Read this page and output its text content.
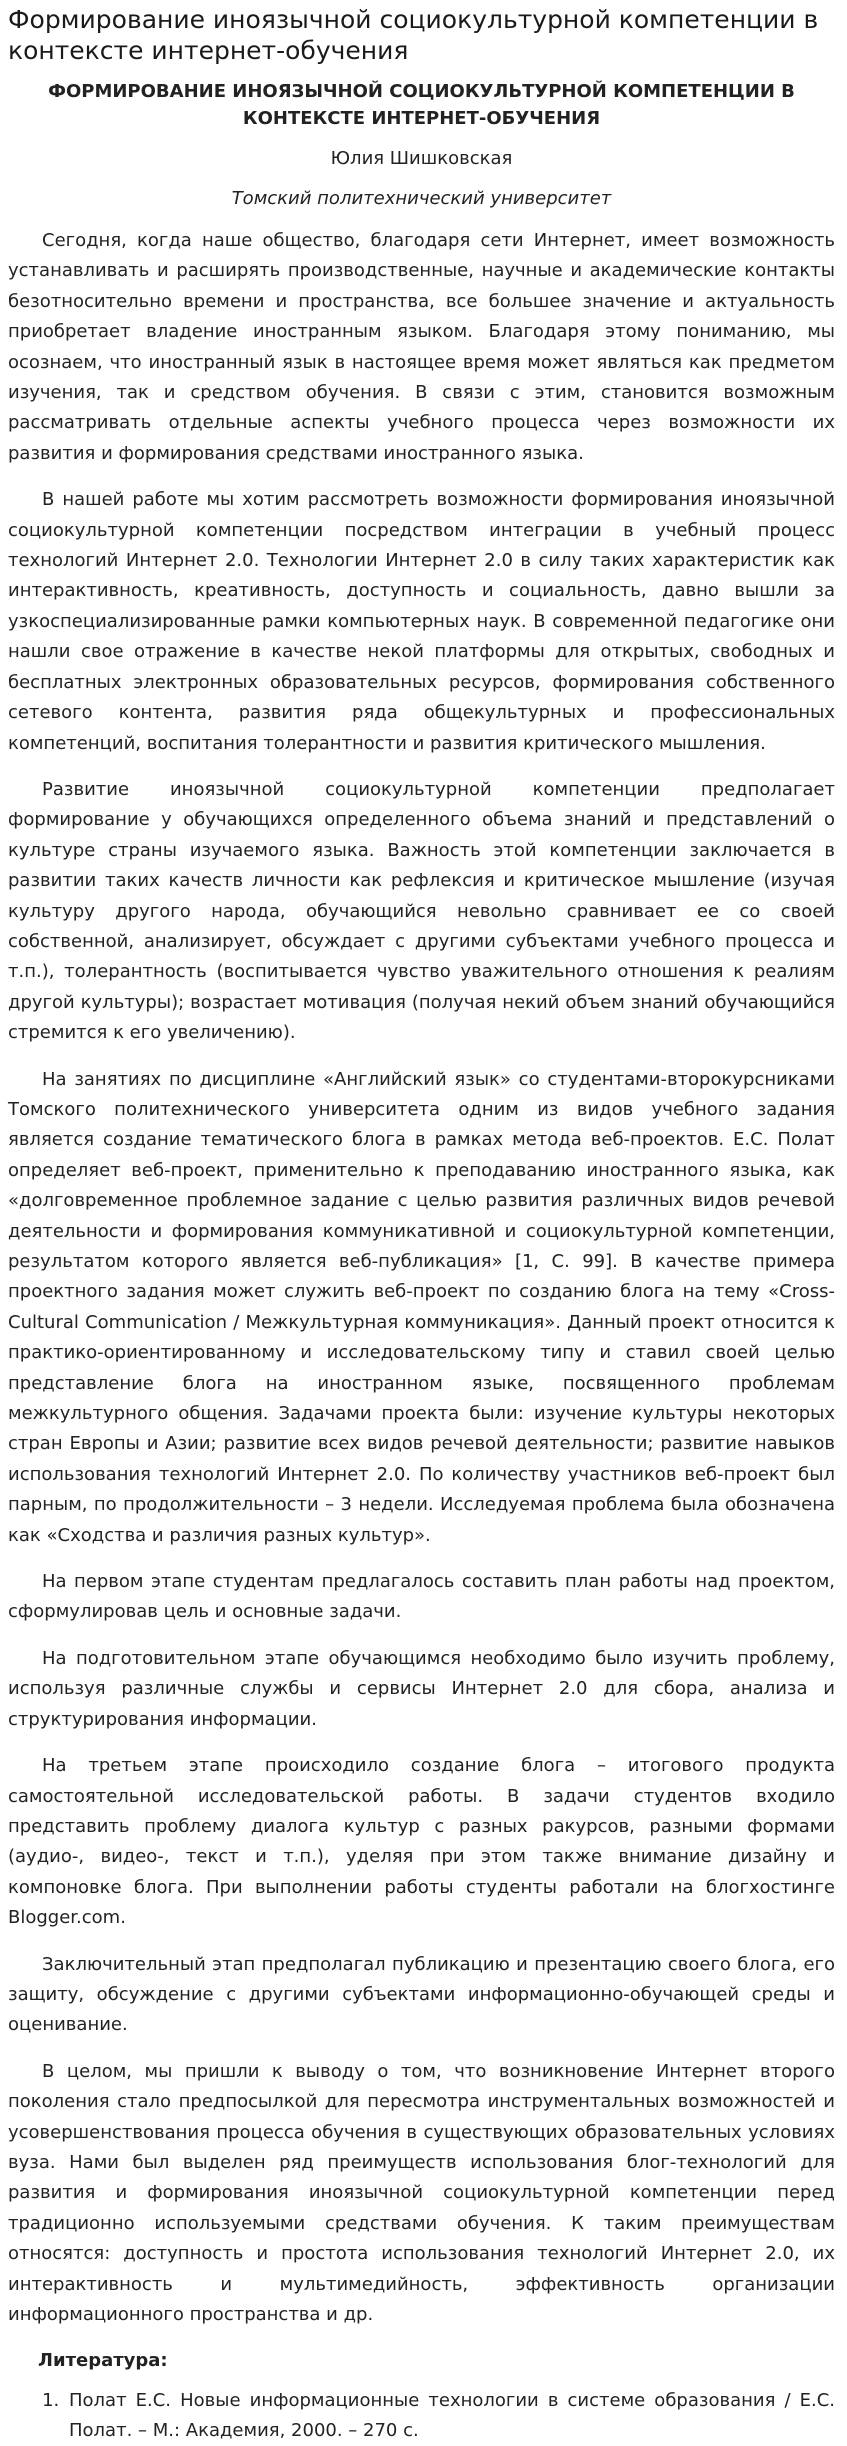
Формирование иноязычной социокультурной компетенции в контексте интернет-обучения
ФОРМИРОВАНИЕ ИНОЯЗЫЧНОЙ СОЦИОКУЛЬТУРНОЙ КОМПЕТЕНЦИИ В КОНТЕКСТЕ ИНТЕРНЕТ-ОБУЧЕНИЯ
Юлия Шишковская
Томский политехнический университет

Сегодня, когда наше общество, благодаря сети Интернет, имеет возможность устанавливать и расширять производственные, научные и академические контакты безотносительно времени и пространства, все большее значение и актуальность приобретает владение иностранным языком. Благодаря этому пониманию, мы осознаем, что иностранный язык в настоящее время может являться как предметом изучения, так и средством обучения. В связи с этим, становится возможным рассматривать отдельные аспекты учебного процесса через возможности их развития и формирования средствами иностранного языка.

В нашей работе мы хотим рассмотреть возможности формирования иноязычной социокультурной компетенции посредством интеграции в учебный процесс технологий Интернет 2.0. Технологии Интернет 2.0 в силу таких характеристик как интерактивность, креативность, доступность и социальность, давно вышли за узкоспециализированные рамки компьютерных наук. В современной педагогике они нашли свое отражение в качестве некой платформы для открытых, свободных и бесплатных электронных образовательных ресурсов, формирования собственного сетевого контента, развития ряда общекультурных и профессиональных компетенций, воспитания толерантности и развития критического мышления.

Развитие иноязычной социокультурной компетенции предполагает формирование у обучающихся определенного объема знаний и представлений о культуре страны изучаемого языка. Важность этой компетенции заключается в развитии таких качеств личности как рефлексия и критическое мышление (изучая культуру другого народа, обучающийся невольно сравнивает ее со своей собственной, анализирует, обсуждает с другими субъектами учебного процесса и т.п.), толерантность (воспитывается чувство уважительного отношения к реалиям другой культуры); возрастает мотивация (получая некий объем знаний обучающийся стремится к его увеличению).

На занятиях по дисциплине «Английский язык» со студентами-второкурсниками Томского политехнического университета одним из видов учебного задания является создание тематического блога в рамках метода веб-проектов. Е.С. Полат определяет веб-проект, применительно к преподаванию иностранного языка, как «долговременное проблемное задание с целью развития различных видов речевой деятельности и формирования коммуникативной и социокультурной компетенции, результатом которого является веб-публикация» [1, С. 99]. В качестве примера проектного задания может служить веб-проект по созданию блога на тему «Cross-Cultural Communication / Межкультурная коммуникация». Данный проект относится к практико-ориентированному и исследовательскому типу и ставил своей целью представление блога на иностранном языке, посвященного проблемам межкультурного общения. Задачами проекта были: изучение культуры некоторых стран Европы и Азии; развитие всех видов речевой деятельности; развитие навыков использования технологий Интернет 2.0. По количеству участников веб-проект был парным, по продолжительности – 3 недели. Исследуемая проблема была обозначена как «Сходства и различия разных культур».

На первом этапе студентам предлагалось составить план работы над проектом, сформулировав цель и основные задачи.

На подготовительном этапе обучающимся необходимо было изучить проблему, используя различные службы и сервисы Интернет 2.0 для сбора, анализа и структурирования информации.

На третьем этапе происходило создание блога – итогового продукта самостоятельной исследовательской работы. В задачи студентов входило представить проблему диалога культур с разных ракурсов, разными формами (аудио-, видео-, текст и т.п.), уделяя при этом также внимание дизайну и компоновке блога. При выполнении работы студенты работали на блогхостинге Blogger.com.

Заключительный этап предполагал публикацию и презентацию своего блога, его защиту, обсуждение с другими субъектами информационно-обучающей среды и оценивание.

В целом, мы пришли к выводу о том, что возникновение Интернет второго поколения стало предпосылкой для пересмотра инструментальных возможностей и усовершенствования процесса обучения в существующих образовательных условиях вуза. Нами был выделен ряд преимуществ использования блог-технологий для развития и формирования иноязычной социокультурной компетенции перед традиционно используемыми средствами обучения. К таким преимуществам относятся: доступность и простота использования технологий Интернет 2.0, их интерактивность и мультимедийность, эффективность организации информационного пространства и др.

Литература:
1. Полат Е.С. Новые информационные технологии в системе образования / Е.С. Полат. – М.: Академия, 2000. – 270 с.
